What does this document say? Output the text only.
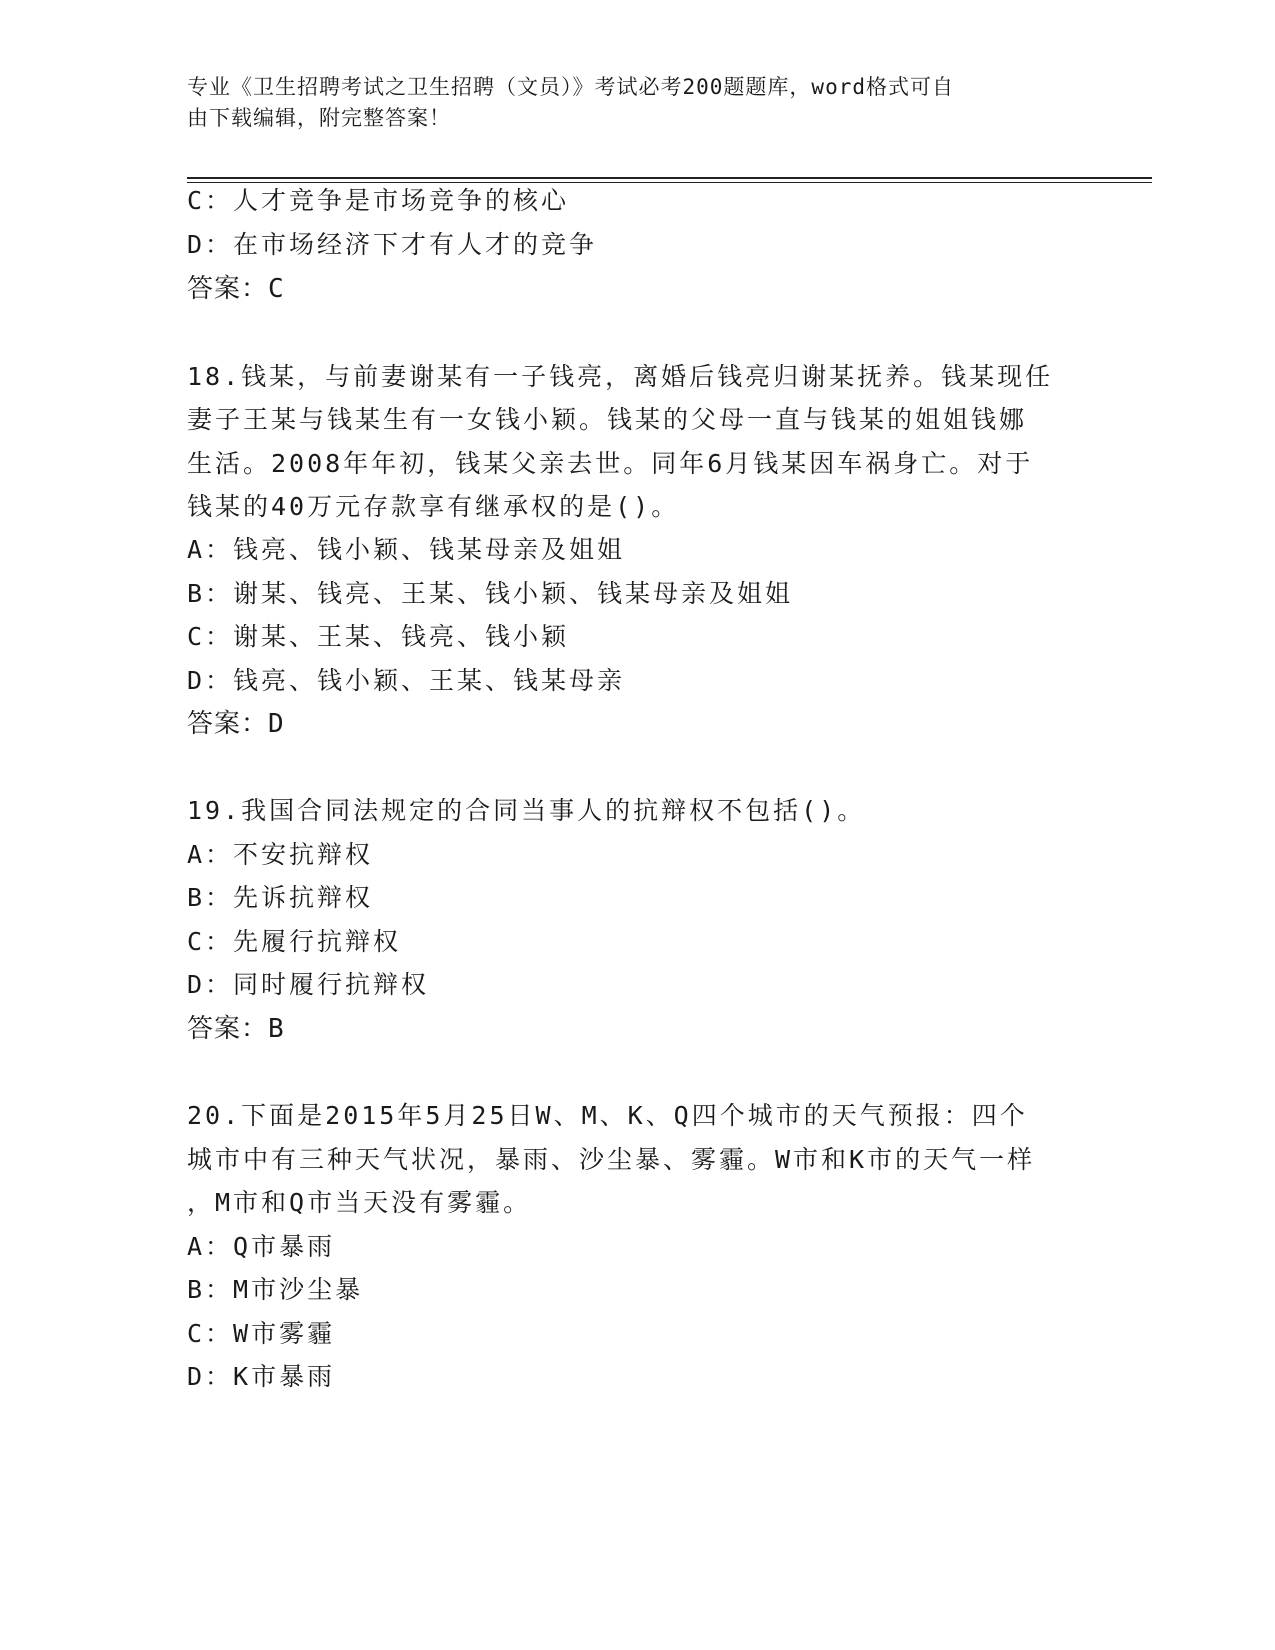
专业《卫生招聘考试之卫生招聘（文员）》考试必考200题题库，word格式可自
由下载编辑，附完整答案！
C：人才竞争是市场竞争的核心
D：在市场经济下才有人才的竞争
答案：C
18.钱某，与前妻谢某有一子钱亮，离婚后钱亮归谢某抚养。钱某现任
妻子王某与钱某生有一女钱小颖。钱某的父母一直与钱某的姐姐钱娜
生活。2008年年初，钱某父亲去世。同年6月钱某因车祸身亡。对于
钱某的40万元存款享有继承权的是()。
A：钱亮、钱小颖、钱某母亲及姐姐
B：谢某、钱亮、王某、钱小颖、钱某母亲及姐姐
C：谢某、王某、钱亮、钱小颖
D：钱亮、钱小颖、王某、钱某母亲
答案：D
19.我国合同法规定的合同当事人的抗辩权不包括()。
A：不安抗辩权
B：先诉抗辩权
C：先履行抗辩权
D：同时履行抗辩权
答案：B
20.下面是2015年5月25日W、M、K、Q四个城市的天气预报：四个
城市中有三种天气状况，暴雨、沙尘暴、雾霾。W市和K市的天气一样
，M市和Q市当天没有雾霾。
A：Q市暴雨
B：M市沙尘暴
C：W市雾霾
D：K市暴雨
